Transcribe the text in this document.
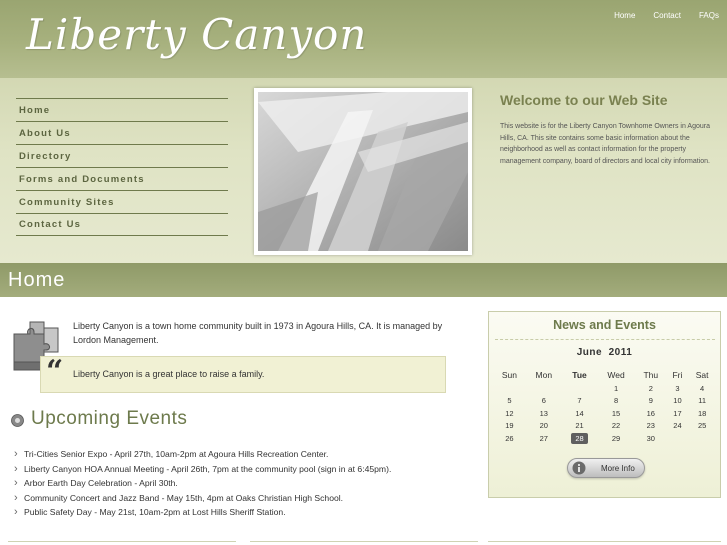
Liberty Canyon	Home Contact FAQs
Home
About Us
Directory
Forms and Documents
Community Sites
Contact Us
Welcome to our Web Site
This website is for the Liberty Canyon Townhome Owners in Agoura Hills, CA. This site contains some basic information about the neighborhood as well as contact information for the property management company, board of directors and local city information.
Home
Liberty Canyon is a town home community built in 1973 in Agoura Hills, CA. It is managed by Lordon Management.
“ Liberty Canyon is a great place to raise a family.
Upcoming Events
› Tri-Cities Senior Expo - April 27th, 10am-2pm at Agoura Hills Recreation Center.
› Liberty Canyon HOA Annual Meeting - April 26th, 7pm at the community pool (sign in at 6:45pm).
› Arbor Earth Day Celebration - April 30th.
› Community Concert and Jazz Band - May 15th, 4pm at Oaks Christian High School.
› Public Safety Day - May 21st, 10am-2pm at Lost Hills Sheriff Station.
News and Events
June 2011
Sun	Mon	Tue	Wed	Thu	Fri	Sat
			1	2	3	4
5	6	7	8	9	10	11
12	13	14	15	16	17	18
19	20	21	22	23	24	25
26	27	28	29	30		
More Info
